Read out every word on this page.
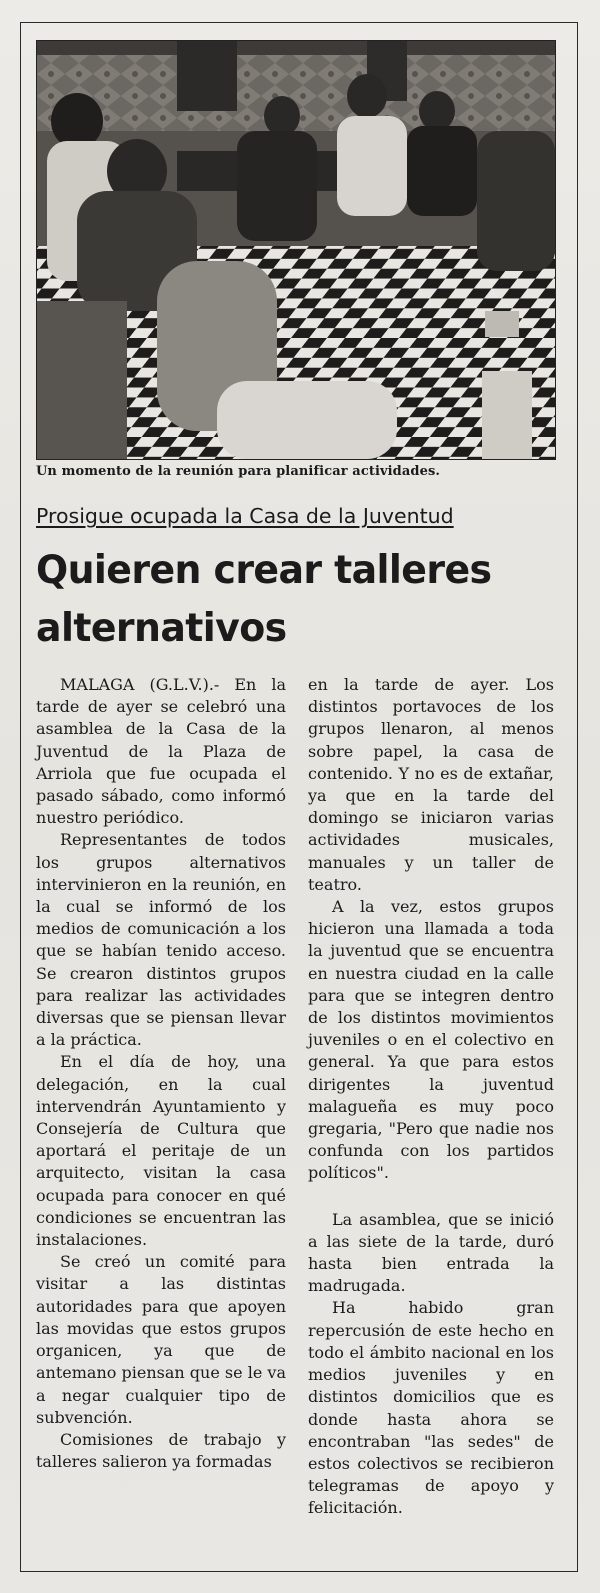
Un momento de la reunión para planificar actividades.
Prosigue ocupada la Casa de la Juventud
Quieren crear talleres alternativos

MALAGA (G.L.V.).- En la tarde de ayer se celebró una asamblea de la Casa de la Juventud de la Plaza de Arriola que fue ocupada el pasado sábado, como informó nuestro periódico.

Representantes de todos los grupos alternativos intervinieron en la reunión, en la cual se informó de los medios de comunicación a los que se habían tenido acceso. Se crearon distintos grupos para realizar las actividades diversas que se piensan llevar a la práctica.

En el día de hoy, una delegación, en la cual intervendrán Ayuntamiento y Consejería de Cultura que aportará el peritaje de un arquitecto, visitan la casa ocupada para conocer en qué condiciones se encuentran las instalaciones.

Se creó un comité para visitar a las distintas autoridades para que apoyen las movidas que estos grupos organicen, ya que de antemano piensan que se le va a negar cualquier tipo de subvención.

Comisiones de trabajo y talleres salieron ya formadas

en la tarde de ayer. Los distintos portavoces de los grupos llenaron, al menos sobre papel, la casa de contenido. Y no es de extañar, ya que en la tarde del domingo se iniciaron varias actividades musicales, manuales y un taller de teatro.

A la vez, estos grupos hicieron una llamada a toda la juventud que se encuentra en nuestra ciudad en la calle para que se integren dentro de los distintos movimientos juveniles o en el colectivo en general. Ya que para estos dirigentes la juventud malagueña es muy poco gregaria, "Pero que nadie nos confunda con los partidos políticos".

La asamblea, que se inició a las siete de la tarde, duró hasta bien entrada la madrugada.

Ha habido gran repercusión de este hecho en todo el ámbito nacional en los medios juveniles y en distintos domicilios que es donde hasta ahora se encontraban "las sedes" de estos colectivos se recibieron telegramas de apoyo y felicitación.
